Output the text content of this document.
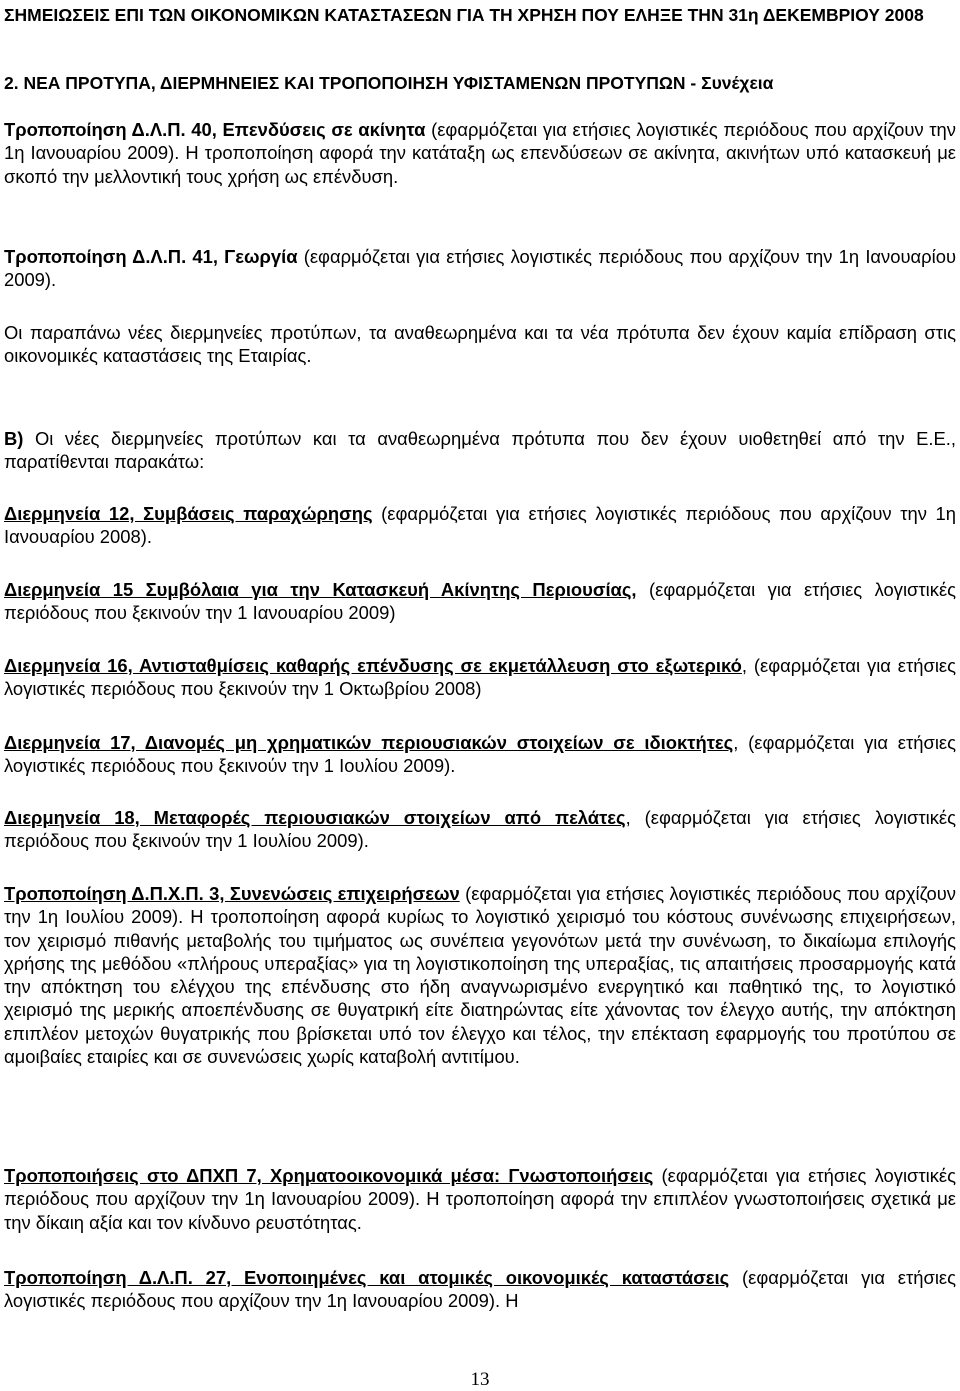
ΣΗΜΕΙΩΣΕΙΣ ΕΠΙ ΤΩΝ ΟΙΚΟΝΟΜΙΚΩΝ ΚΑΤΑΣΤΑΣΕΩΝ ΓΙΑ ΤΗ ΧΡΗΣΗ ΠΟΥ ΕΛΗΞΕ ΤΗΝ 31η ΔΕΚΕΜΒΡΙΟΥ 2008
2. ΝΕΑ ΠΡΟΤΥΠΑ, ΔΙΕΡΜΗΝΕΙΕΣ ΚΑΙ ΤΡΟΠΟΠΟΙΗΣΗ ΥΦΙΣΤΑΜΕΝΩΝ ΠΡΟΤΥΠΩΝ - Συνέχεια
Τροποποίηση Δ.Λ.Π. 40, Επενδύσεις σε ακίνητα (εφαρμόζεται για ετήσιες λογιστικές περιόδους που αρχίζουν την 1η Ιανουαρίου 2009). Η τροποποίηση αφορά την κατάταξη ως επενδύσεων σε ακίνητα, ακινήτων υπό κατασκευή με σκοπό την μελλοντική τους χρήση ως επένδυση.
Τροποποίηση Δ.Λ.Π. 41, Γεωργία (εφαρμόζεται για ετήσιες λογιστικές περιόδους που αρχίζουν την 1η Ιανουαρίου 2009).
Οι παραπάνω νέες διερμηνείες προτύπων, τα αναθεωρημένα και τα νέα πρότυπα δεν έχουν καμία επίδραση στις οικονομικές καταστάσεις της Εταιρίας.
Β) Οι νέες διερμηνείες προτύπων και τα αναθεωρημένα πρότυπα που δεν έχουν υιοθετηθεί από την Ε.Ε., παρατίθενται παρακάτω:
Διερμηνεία 12, Συμβάσεις παραχώρησης (εφαρμόζεται για ετήσιες λογιστικές περιόδους που αρχίζουν την 1η Ιανουαρίου 2008).
Διερμηνεία 15 Συμβόλαια για την Κατασκευή Ακίνητης Περιουσίας, (εφαρμόζεται για ετήσιες λογιστικές περιόδους που ξεκινούν την 1 Ιανουαρίου 2009)
Διερμηνεία 16, Αντισταθμίσεις καθαρής επένδυσης σε εκμετάλλευση στο εξωτερικό, (εφαρμόζεται για ετήσιες λογιστικές περιόδους που ξεκινούν την 1 Οκτωβρίου 2008)
Διερμηνεία 17, Διανομές μη χρηματικών περιουσιακών στοιχείων σε ιδιοκτήτες, (εφαρμόζεται για ετήσιες λογιστικές περιόδους που ξεκινούν την 1 Ιουλίου 2009).
Διερμηνεία 18, Μεταφορές περιουσιακών στοιχείων από πελάτες, (εφαρμόζεται για ετήσιες λογιστικές περιόδους που ξεκινούν την 1 Ιουλίου 2009).
Τροποποίηση Δ.Π.Χ.Π. 3, Συνενώσεις επιχειρήσεων (εφαρμόζεται για ετήσιες λογιστικές περιόδους που αρχίζουν την 1η Ιουλίου 2009). Η τροποποίηση αφορά κυρίως το λογιστικό χειρισμό του κόστους συνένωσης επιχειρήσεων, τον χειρισμό πιθανής μεταβολής του τιμήματος ως συνέπεια γεγονότων μετά την συνένωση, το δικαίωμα επιλογής χρήσης της μεθόδου «πλήρους υπεραξίας» για τη λογιστικοποίηση της υπεραξίας, τις απαιτήσεις προσαρμογής κατά την απόκτηση του ελέγχου της επένδυσης στο ήδη αναγνωρισμένο ενεργητικό και παθητικό της, το λογιστικό χειρισμό της μερικής αποεπένδυσης σε θυγατρική είτε διατηρώντας είτε χάνοντας τον έλεγχο αυτής, την απόκτηση επιπλέον μετοχών θυγατρικής που βρίσκεται υπό τον έλεγχο και τέλος, την επέκταση εφαρμογής του προτύπου σε αμοιβαίες εταιρίες και σε συνενώσεις χωρίς καταβολή αντιτίμου.
Τροποποιήσεις στο ΔΠΧΠ 7, Χρηματοοικονομικά μέσα: Γνωστοποιήσεις (εφαρμόζεται για ετήσιες λογιστικές περιόδους που αρχίζουν την 1η Ιανουαρίου 2009). Η τροποποίηση αφορά την επιπλέον γνωστοποιήσεις σχετικά με την δίκαιη αξία και τον κίνδυνο ρευστότητας.
Τροποποίηση Δ.Λ.Π. 27, Ενοποιημένες και ατομικές οικονομικές καταστάσεις (εφαρμόζεται για ετήσιες λογιστικές περιόδους που αρχίζουν την 1η Ιανουαρίου 2009). Η
13
